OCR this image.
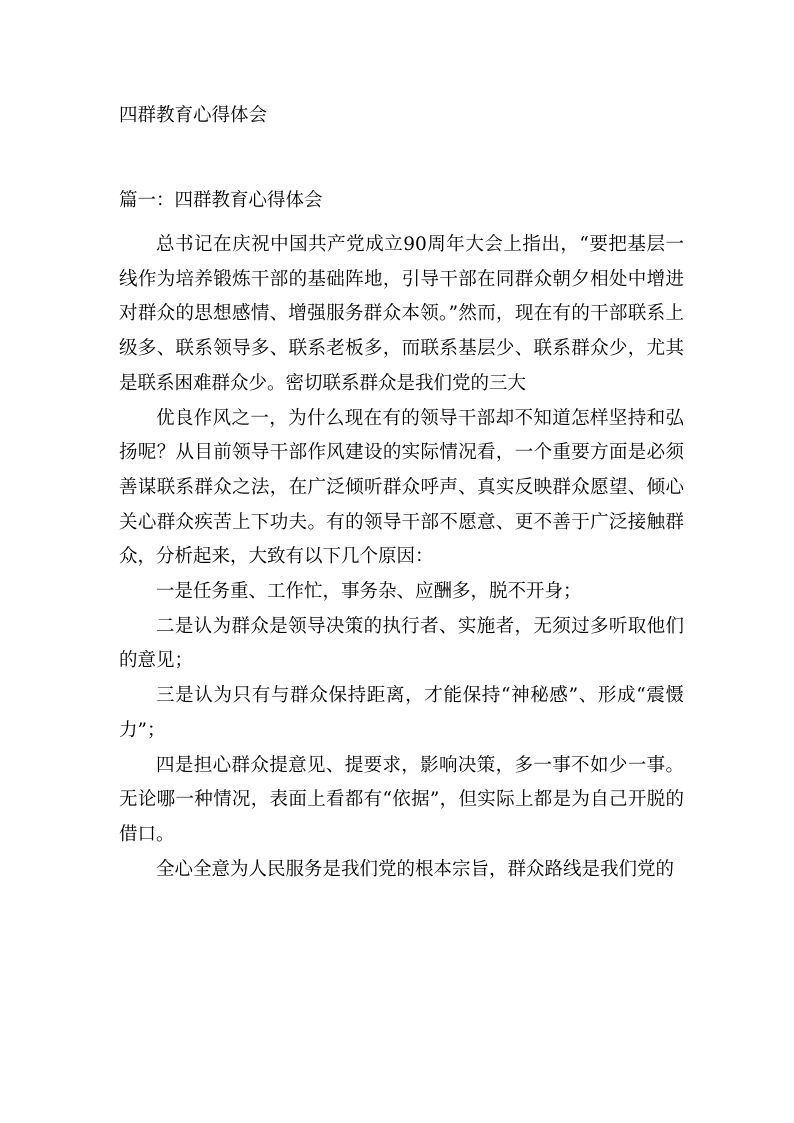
四群教育心得体会
篇一：四群教育心得体会

总书记在庆祝中国共产党成立90周年大会上指出，“要把基层一线作为培养锻炼干部的基础阵地，引导干部在同群众朝夕相处中增进对群众的思想感情、增强服务群众本领。”然而，现在有的干部联系上级多、联系领导多、联系老板多，而联系基层少、联系群众少，尤其是联系困难群众少。密切联系群众是我们党的三大

优良作风之一，为什么现在有的领导干部却不知道怎样坚持和弘扬呢？从目前领导干部作风建设的实际情况看，一个重要方面是必须善谋联系群众之法，在广泛倾听群众呼声、真实反映群众愿望、倾心关心群众疾苦上下功夫。有的领导干部不愿意、更不善于广泛接触群众，分析起来，大致有以下几个原因：

一是任务重、工作忙，事务杂、应酬多，脱不开身；

二是认为群众是领导决策的执行者、实施者，无须过多听取他们的意见；

三是认为只有与群众保持距离，才能保持“神秘感”、形成“震慑力”；

四是担心群众提意见、提要求，影响决策，多一事不如少一事。无论哪一种情况，表面上看都有“依据”，但实际上都是为自己开脱的借口。

全心全意为人民服务是我们党的根本宗旨，群众路线是我们党的
